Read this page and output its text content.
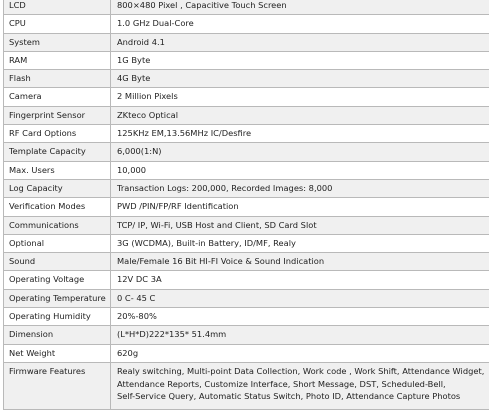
LCD	800×480 Pixel , Capacitive Touch Screen
CPU	1.0 GHz Dual-Core
System	Android 4.1
RAM	1G Byte
Flash	4G Byte
Camera	2 Million Pixels
Fingerprint Sensor	ZKteco Optical
RF Card Options	125KHz EM,13.56MHz IC/Desfire
Template Capacity	6,000(1:N)
Max. Users	10,000
Log Capacity	Transaction Logs: 200,000, Recorded Images: 8,000
Verification Modes	PWD /PIN/FP/RF Identification
Communications	TCP/ IP, Wi-Fi, USB Host and Client, SD Card Slot
Optional	3G (WCDMA), Built-in Battery, ID/MF, Realy
Sound	Male/Female 16 Bit HI-FI Voice & Sound Indication
Operating Voltage	12V DC 3A
Operating Temperature	0 C- 45 C
Operating Humidity	20%-80%
Dimension	(L*H*D)222*135* 51.4mm
Net Weight	620g
Firmware Features	Realy switching, Multi-point Data Collection, Work code , Work Shift, Attendance Widget,
Attendance Reports, Customize Interface, Short Message, DST, Scheduled-Bell,
Self-Service Query, Automatic Status Switch, Photo ID, Attendance Capture Photos
